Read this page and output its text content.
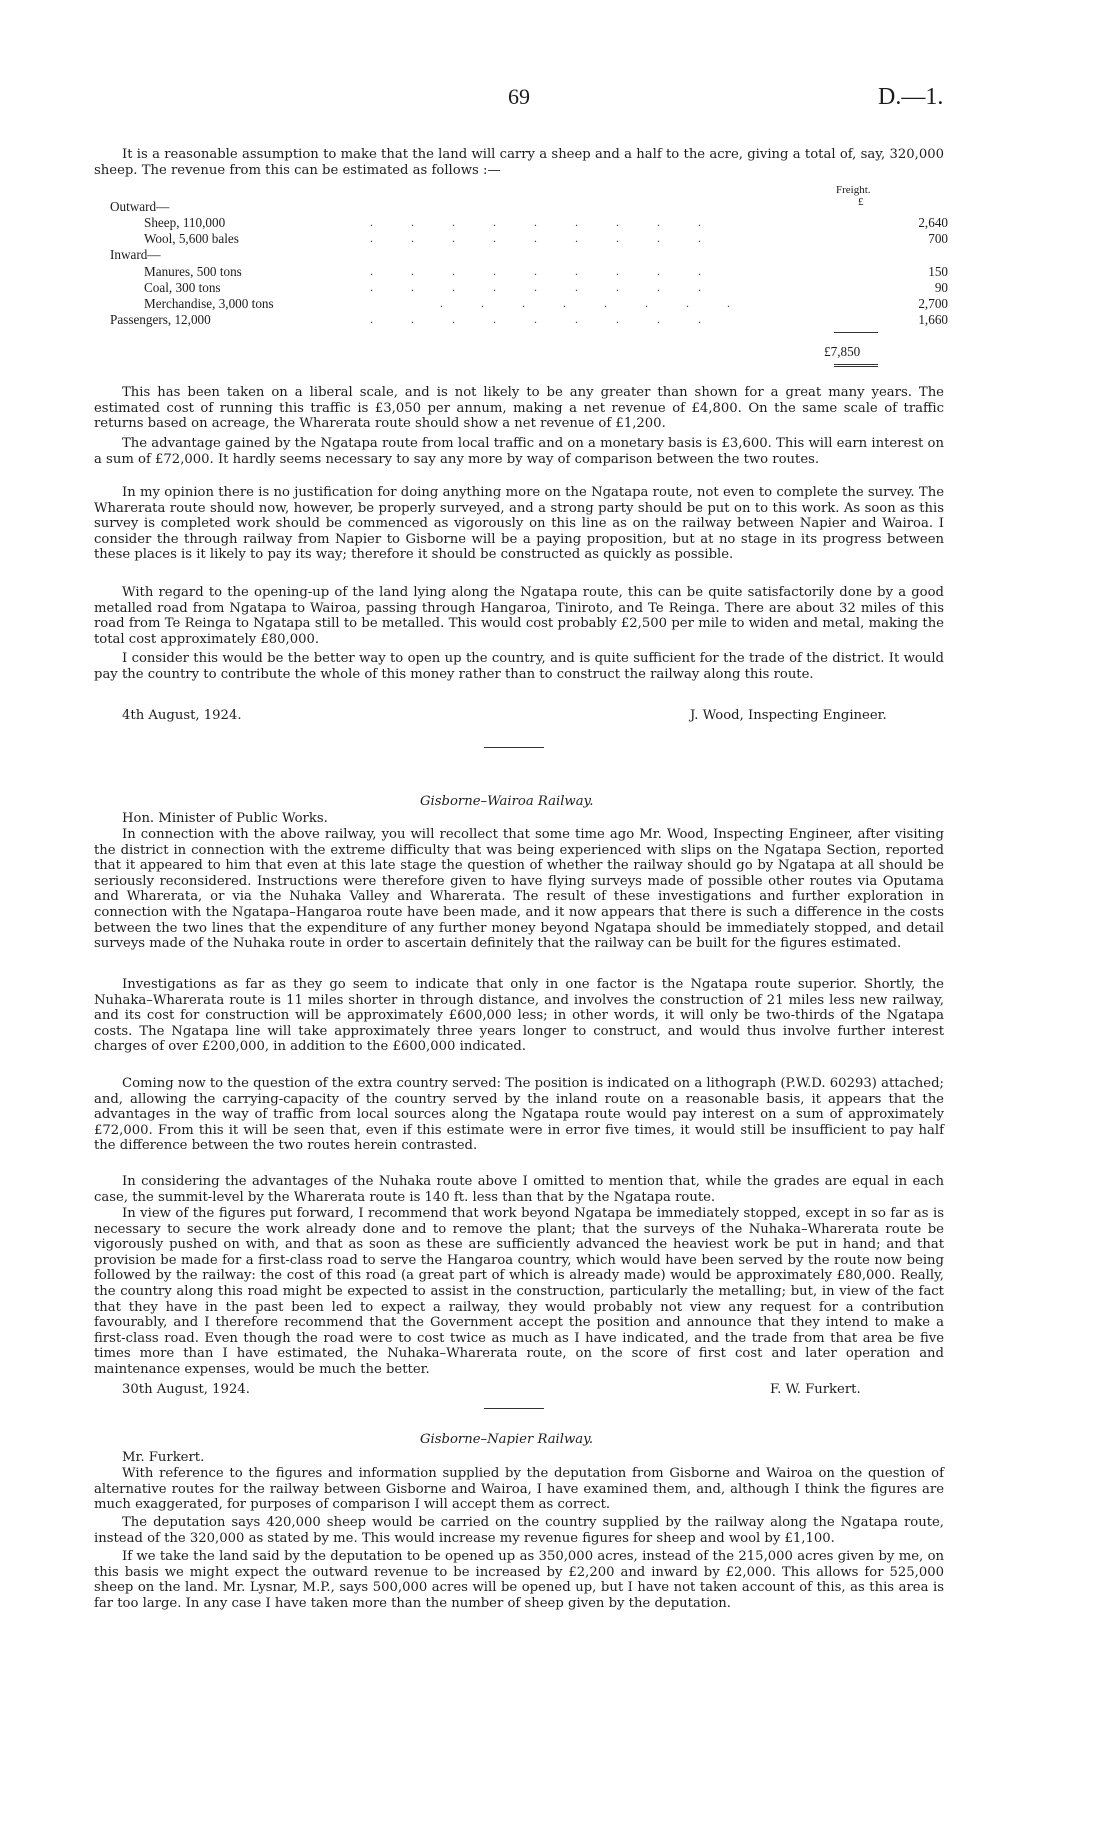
69	D.—1.

It is a reasonable assumption to make that the land will carry a sheep and a half to the acre, giving a total of, say, 320,000 sheep. The revenue from this can be estimated as follows :—

Freight.
£
Outward—
Sheep, 110,000	.........	2,640
Wool, 5,600 bales	.........	700
Inward—
Manures, 500 tons	.........	150
Coal, 300 tons	.........	90
Merchandise, 3,000 tons	........	2,700
Passengers, 12,000	.........	1,660
£7,850

This has been taken on a liberal scale, and is not likely to be any greater than shown for a great many years. The estimated cost of running this traffic is £3,050 per annum, making a net revenue of £4,800. On the same scale of traffic returns based on acreage, the Wharerata route should show a net revenue of £1,200.

The advantage gained by the Ngatapa route from local traffic and on a monetary basis is £3,600. This will earn interest on a sum of £72,000. It hardly seems necessary to say any more by way of comparison between the two routes.

In my opinion there is no justification for doing anything more on the Ngatapa route, not even to complete the survey. The Wharerata route should now, however, be properly surveyed, and a strong party should be put on to this work. As soon as this survey is completed work should be commenced as vigorously on this line as on the railway between Napier and Wairoa. I consider the through railway from Napier to Gisborne will be a paying proposition, but at no stage in its progress between these places is it likely to pay its way; therefore it should be constructed as quickly as possible.

With regard to the opening-up of the land lying along the Ngatapa route, this can be quite satisfactorily done by a good metalled road from Ngatapa to Wairoa, passing through Hangaroa, Tiniroto, and Te Reinga. There are about 32 miles of this road from Te Reinga to Ngatapa still to be metalled. This would cost probably £2,500 per mile to widen and metal, making the total cost approximately £80,000.

I consider this would be the better way to open up the country, and is quite sufficient for the trade of the district. It would pay the country to contribute the whole of this money rather than to construct the railway along this route.

4th August, 1924.	J. Wood, Inspecting Engineer.
Gisborne–Wairoa Railway.
Hon. Minister of Public Works.

In connection with the above railway, you will recollect that some time ago Mr. Wood, Inspecting Engineer, after visiting the district in connection with the extreme difficulty that was being experienced with slips on the Ngatapa Section, reported that it appeared to him that even at this late stage the question of whether the railway should go by Ngatapa at all should be seriously reconsidered. Instructions were therefore given to have flying surveys made of possible other routes via Oputama and Wharerata, or via the Nuhaka Valley and Wharerata. The result of these investigations and further exploration in connection with the Ngatapa–Hangaroa route have been made, and it now appears that there is such a difference in the costs between the two lines that the expenditure of any further money beyond Ngatapa should be immediately stopped, and detail surveys made of the Nuhaka route in order to ascertain definitely that the railway can be built for the figures estimated.

Investigations as far as they go seem to indicate that only in one factor is the Ngatapa route superior. Shortly, the Nuhaka–Wharerata route is 11 miles shorter in through distance, and involves the construction of 21 miles less new railway, and its cost for construction will be approximately £600,000 less; in other words, it will only be two-thirds of the Ngatapa costs. The Ngatapa line will take approximately three years longer to construct, and would thus involve further interest charges of over £200,000, in addition to the £600,000 indicated.

Coming now to the question of the extra country served: The position is indicated on a lithograph (P.W.D. 60293) attached; and, allowing the carrying-capacity of the country served by the inland route on a reasonable basis, it appears that the advantages in the way of traffic from local sources along the Ngatapa route would pay interest on a sum of approximately £72,000. From this it will be seen that, even if this estimate were in error five times, it would still be insufficient to pay half the difference between the two routes herein contrasted.

In considering the advantages of the Nuhaka route above I omitted to mention that, while the grades are equal in each case, the summit-level by the Wharerata route is 140 ft. less than that by the Ngatapa route.

In view of the figures put forward, I recommend that work beyond Ngatapa be immediately stopped, except in so far as is necessary to secure the work already done and to remove the plant; that the surveys of the Nuhaka–Wharerata route be vigorously pushed on with, and that as soon as these are sufficiently advanced the heaviest work be put in hand; and that provision be made for a first-class road to serve the Hangaroa country, which would have been served by the route now being followed by the railway: the cost of this road (a great part of which is already made) would be approximately £80,000. Really, the country along this road might be expected to assist in the construction, particularly the metalling; but, in view of the fact that they have in the past been led to expect a railway, they would probably not view any request for a contribution favourably, and I therefore recommend that the Government accept the position and announce that they intend to make a first-class road. Even though the road were to cost twice as much as I have indicated, and the trade from that area be five times more than I have estimated, the Nuhaka–Wharerata route, on the score of first cost and later operation and maintenance expenses, would be much the better.

30th August, 1924.	F. W. Furkert.
Gisborne–Napier Railway.
Mr. Furkert.

With reference to the figures and information supplied by the deputation from Gisborne and Wairoa on the question of alternative routes for the railway between Gisborne and Wairoa, I have examined them, and, although I think the figures are much exaggerated, for purposes of comparison I will accept them as correct.

The deputation says 420,000 sheep would be carried on the country supplied by the railway along the Ngatapa route, instead of the 320,000 as stated by me. This would increase my revenue figures for sheep and wool by £1,100.

If we take the land said by the deputation to be opened up as 350,000 acres, instead of the 215,000 acres given by me, on this basis we might expect the outward revenue to be increased by £2,200 and inward by £2,000. This allows for 525,000 sheep on the land. Mr. Lysnar, M.P., says 500,000 acres will be opened up, but I have not taken account of this, as this area is far too large. In any case I have taken more than the number of sheep given by the deputation.
